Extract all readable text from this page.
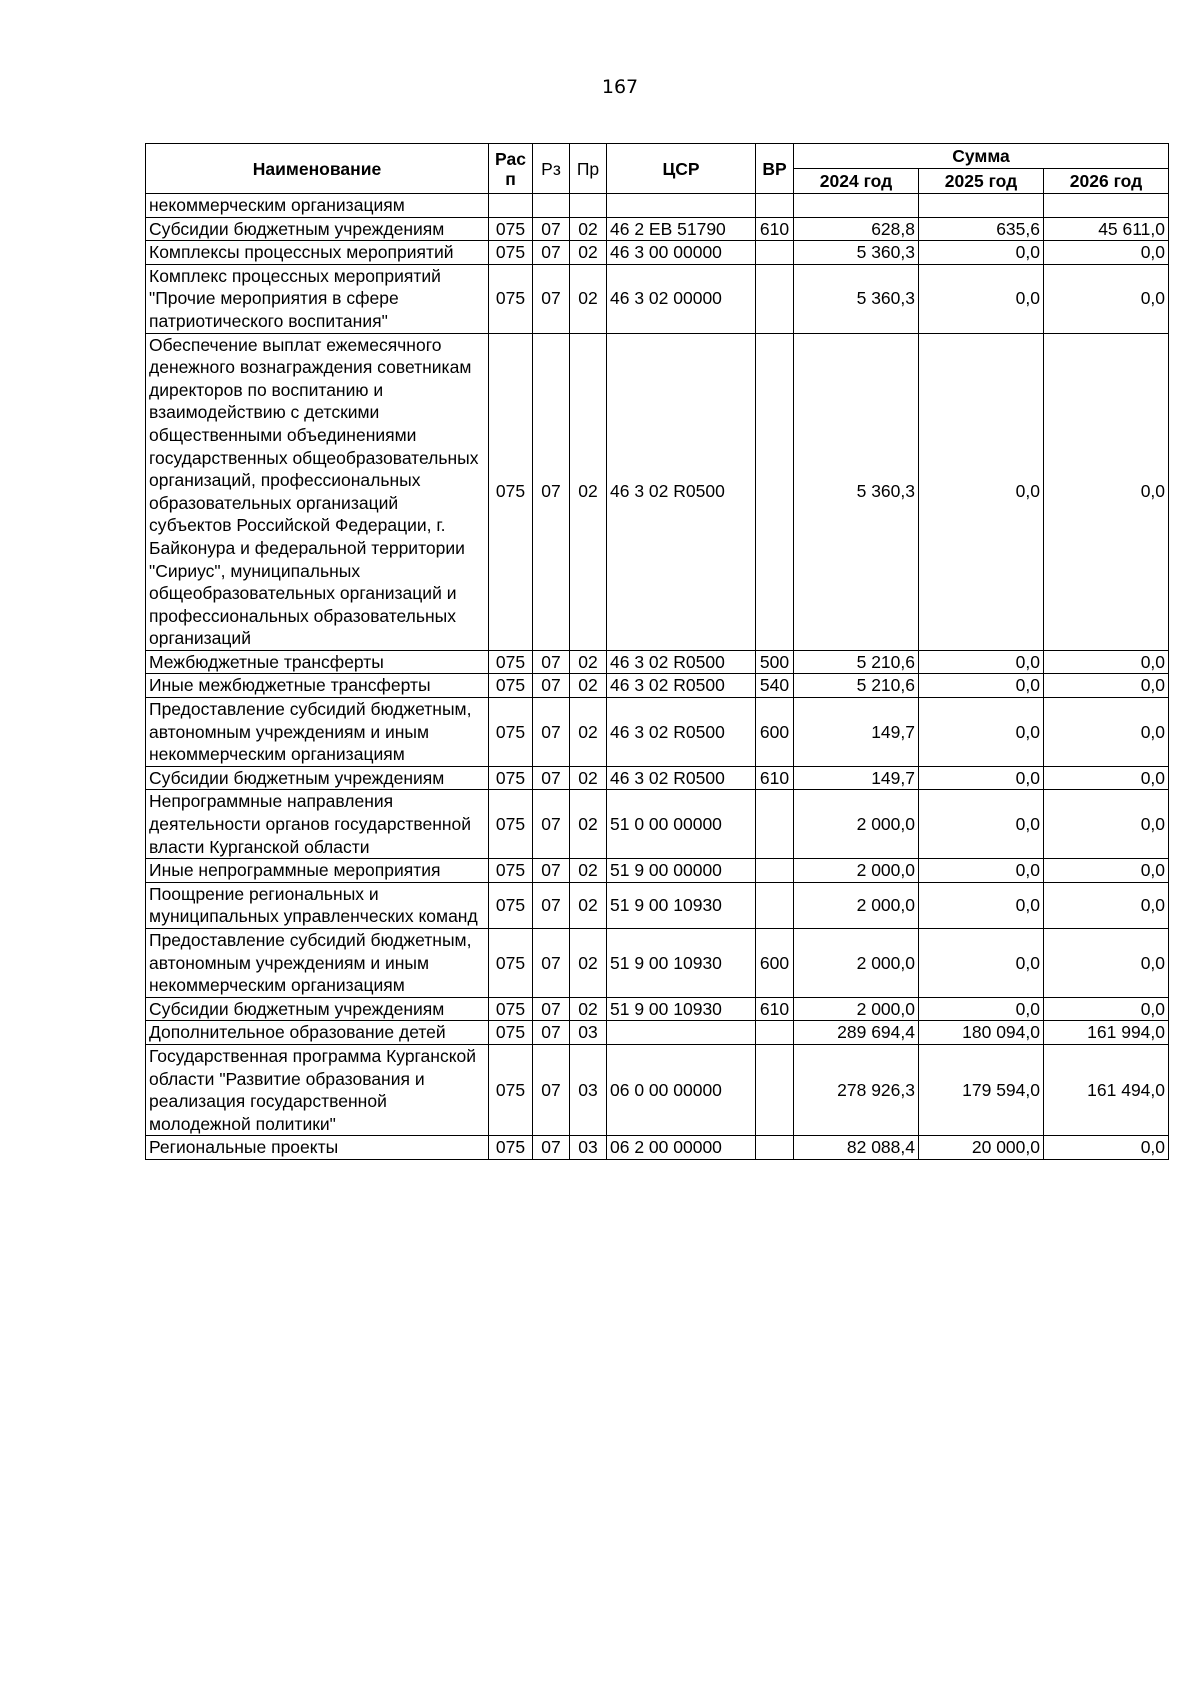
167
Наименование	Рас п	Рз	Пр	ЦСР	ВР	Сумма		
						2024 год	2025 год	2026 год
некоммерческим организациям								
Субсидии бюджетным учреждениям	075	07	02	46 2 ЕВ 51790	610	628,8	635,6	45 611,0
Комплексы процессных мероприятий	075	07	02	46 3 00 00000		5 360,3	0,0	0,0
Комплекс процессных мероприятий "Прочие мероприятия в сфере патриотического воспитания"	075	07	02	46 3 02 00000		5 360,3	0,0	0,0
Обеспечение выплат ежемесячного денежного вознаграждения советникам директоров по воспитанию и взаимодействию с детскими общественными объединениями государственных общеобразовательных организаций, профессиональных образовательных организаций субъектов Российской Федерации, г. Байконура и федеральной территории "Сириус", муниципальных общеобразовательных организаций и профессиональных образовательных организаций	075	07	02	46 3 02 R0500		5 360,3	0,0	0,0
Межбюджетные трансферты	075	07	02	46 3 02 R0500	500	5 210,6	0,0	0,0
Иные межбюджетные трансферты	075	07	02	46 3 02 R0500	540	5 210,6	0,0	0,0
Предоставление субсидий бюджетным, автономным учреждениям и иным некоммерческим организациям	075	07	02	46 3 02 R0500	600	149,7	0,0	0,0
Субсидии бюджетным учреждениям	075	07	02	46 3 02 R0500	610	149,7	0,0	0,0
Непрограммные направления деятельности органов государственной власти Курганской области	075	07	02	51 0 00 00000		2 000,0	0,0	0,0
Иные непрограммные мероприятия	075	07	02	51 9 00 00000		2 000,0	0,0	0,0
Поощрение региональных и муниципальных управленческих команд	075	07	02	51 9 00 10930		2 000,0	0,0	0,0
Предоставление субсидий бюджетным, автономным учреждениям и иным некоммерческим организациям	075	07	02	51 9 00 10930	600	2 000,0	0,0	0,0
Субсидии бюджетным учреждениям	075	07	02	51 9 00 10930	610	2 000,0	0,0	0,0
Дополнительное образование детей	075	07	03			289 694,4	180 094,0	161 994,0
Государственная программа Курганской области "Развитие образования и реализация государственной молодежной политики"	075	07	03	06 0 00 00000		278 926,3	179 594,0	161 494,0
Региональные проекты	075	07	03	06 2 00 00000		82 088,4	20 000,0	0,0
